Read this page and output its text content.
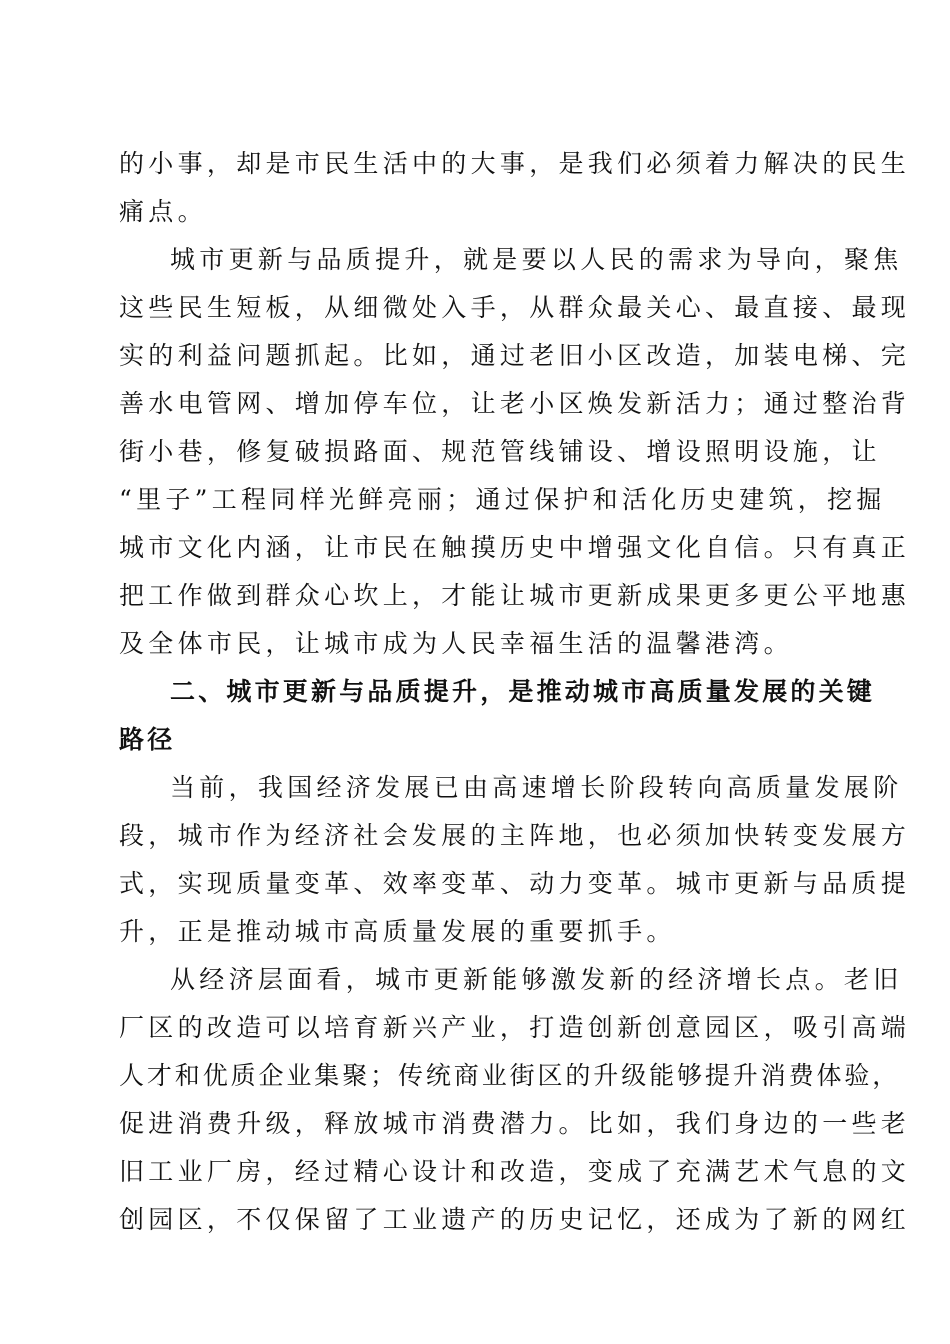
的小事，却是市民生活中的大事，是我们必须着力解决的民生
痛点。
城市更新与品质提升，就是要以人民的需求为导向，聚焦
这些民生短板，从细微处入手，从群众最关心、最直接、最现
实的利益问题抓起。比如，通过老旧小区改造，加装电梯、完
善水电管网、增加停车位，让老小区焕发新活力；通过整治背
街小巷，修复破损路面、规范管线铺设、增设照明设施，让
“里子”工程同样光鲜亮丽；通过保护和活化历史建筑，挖掘
城市文化内涵，让市民在触摸历史中增强文化自信。只有真正
把工作做到群众心坎上，才能让城市更新成果更多更公平地惠
及全体市民，让城市成为人民幸福生活的温馨港湾。
二、城市更新与品质提升，是推动城市高质量发展的关键
路径
当前，我国经济发展已由高速增长阶段转向高质量发展阶
段，城市作为经济社会发展的主阵地，也必须加快转变发展方
式，实现质量变革、效率变革、动力变革。城市更新与品质提
升，正是推动城市高质量发展的重要抓手。
从经济层面看，城市更新能够激发新的经济增长点。老旧
厂区的改造可以培育新兴产业，打造创新创意园区，吸引高端
人才和优质企业集聚；传统商业街区的升级能够提升消费体验，
促进消费升级，释放城市消费潜力。比如，我们身边的一些老
旧工业厂房，经过精心设计和改造，变成了充满艺术气息的文
创园区，不仅保留了工业遗产的历史记忆，还成为了新的网红
